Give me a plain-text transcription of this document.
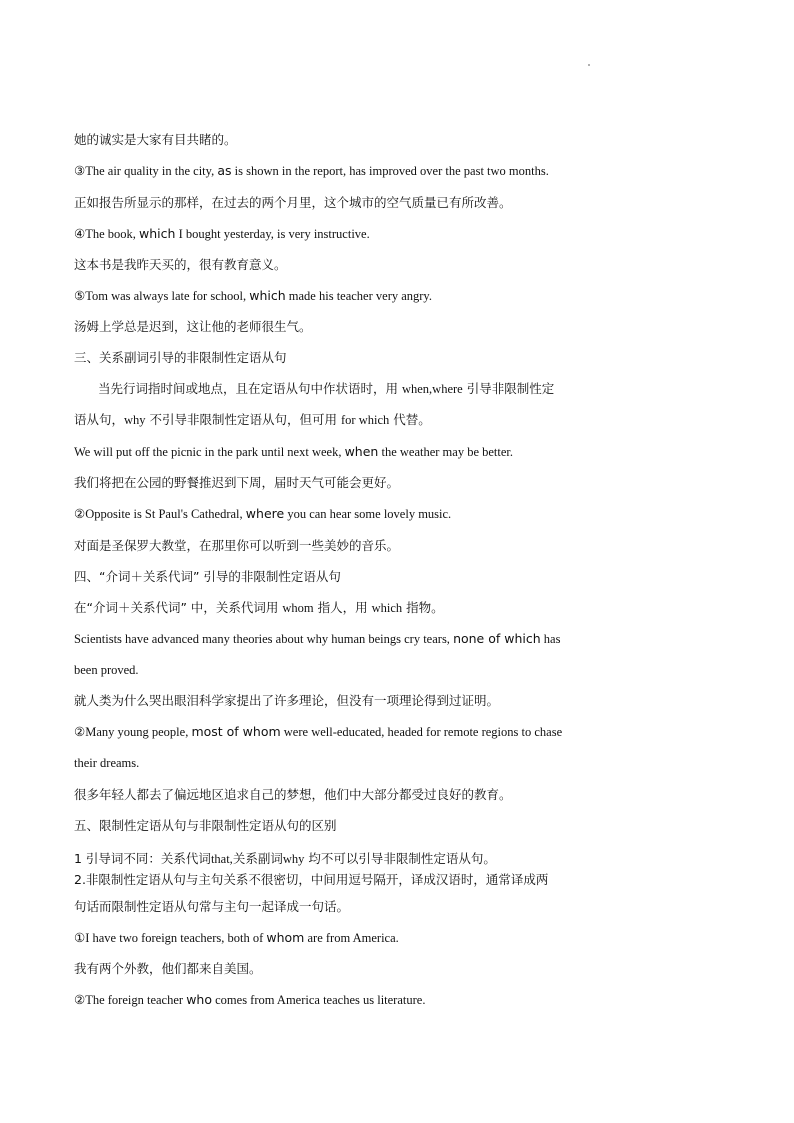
她的诚实是大家有目共睹的。
③The air quality in the city, as is shown in the report, has improved over the past two months.
正如报告所显示的那样，在过去的两个月里，这个城市的空气质量已有所改善。
④The book, which I bought yesterday, is very instructive.
这本书是我昨天买的，很有教育意义。
⑤Tom was always late for school, which made his teacher very angry.
汤姆上学总是迟到，这让他的老师很生气。
三、关系副词引导的非限制性定语从句
当先行词指时间或地点，且在定语从句中作状语时，用 when,where 引导非限制性定
语从句，why 不引导非限制性定语从句，但可用 for which 代替。
We will put off the picnic in the park until next week, when the weather may be better.
我们将把在公园的野餐推迟到下周，届时天气可能会更好。
②Opposite is St Paul's Cathedral, where you can hear some lovely music.
对面是圣保罗大教堂，在那里你可以听到一些美妙的音乐。
四、“介词＋关系代词” 引导的非限制性定语从句
在“介词＋关系代词” 中，关系代词用 whom 指人，用 which 指物。
Scientists have advanced many theories about why human beings cry tears, none of which has
been proved.
就人类为什么哭出眼泪科学家提出了许多理论，但没有一项理论得到过证明。
②Many young people, most of whom were well-educated, headed for remote regions to chase
their dreams.
很多年轻人都去了偏远地区追求自己的梦想，他们中大部分都受过良好的教育。
五、限制性定语从句与非限制性定语从句的区别
1 引导词不同：关系代词that,关系副词why 均不可以引导非限制性定语从句。
2.非限制性定语从句与主句关系不很密切，中间用逗号隔开，译成汉语时，通常译成两
句话而限制性定语从句常与主句一起译成一句话。
①I have two foreign teachers, both of whom are from America.
我有两个外教，他们都来自美国。
②The foreign teacher who comes from America teaches us literature.
